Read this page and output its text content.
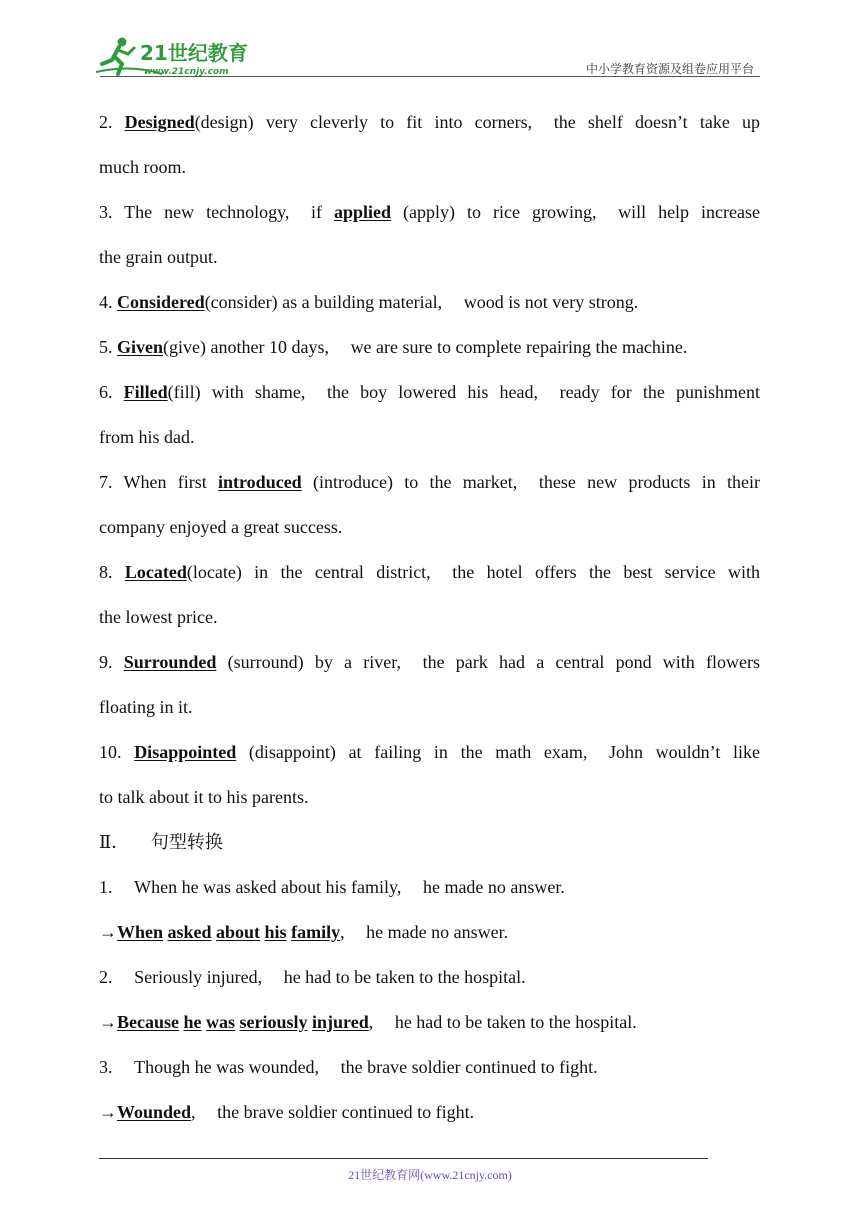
21世纪教育
www.21cnjy.com	中小学教育资源及组卷应用平台
2. Designed(design) very cleverly to fit into corners, the shelf doesn’t take up
much room.
3. The new technology, if applied (apply) to rice growing, will help increase
the grain output.
4. Considered(consider) as a building material, wood is not very strong.
5. Given(give) another 10 days, we are sure to complete repairing the machine.
6. Filled(fill) with shame, the boy lowered his head, ready for the punishment
from his dad.
7. When first introduced (introduce) to the market, these new products in their
company enjoyed a great success.
8. Located(locate) in the central district, the hotel offers the best service with
the lowest price.
9. Surrounded (surround) by a river, the park had a central pond with flowers
floating in it.
10. Disappointed (disappoint) at failing in the math exam, John wouldn’t like
to talk about it to his parents.
Ⅱ． 句型转换
1. When he was asked about his family, he made no answer.
→When asked about his family, he made no answer.
2. Seriously injured, he had to be taken to the hospital.
→Because he was seriously injured, he had to be taken to the hospital.
3. Though he was wounded, the brave soldier continued to fight.
→Wounded, the brave soldier continued to fight.
21世纪教育网(www.21cnjy.com)
